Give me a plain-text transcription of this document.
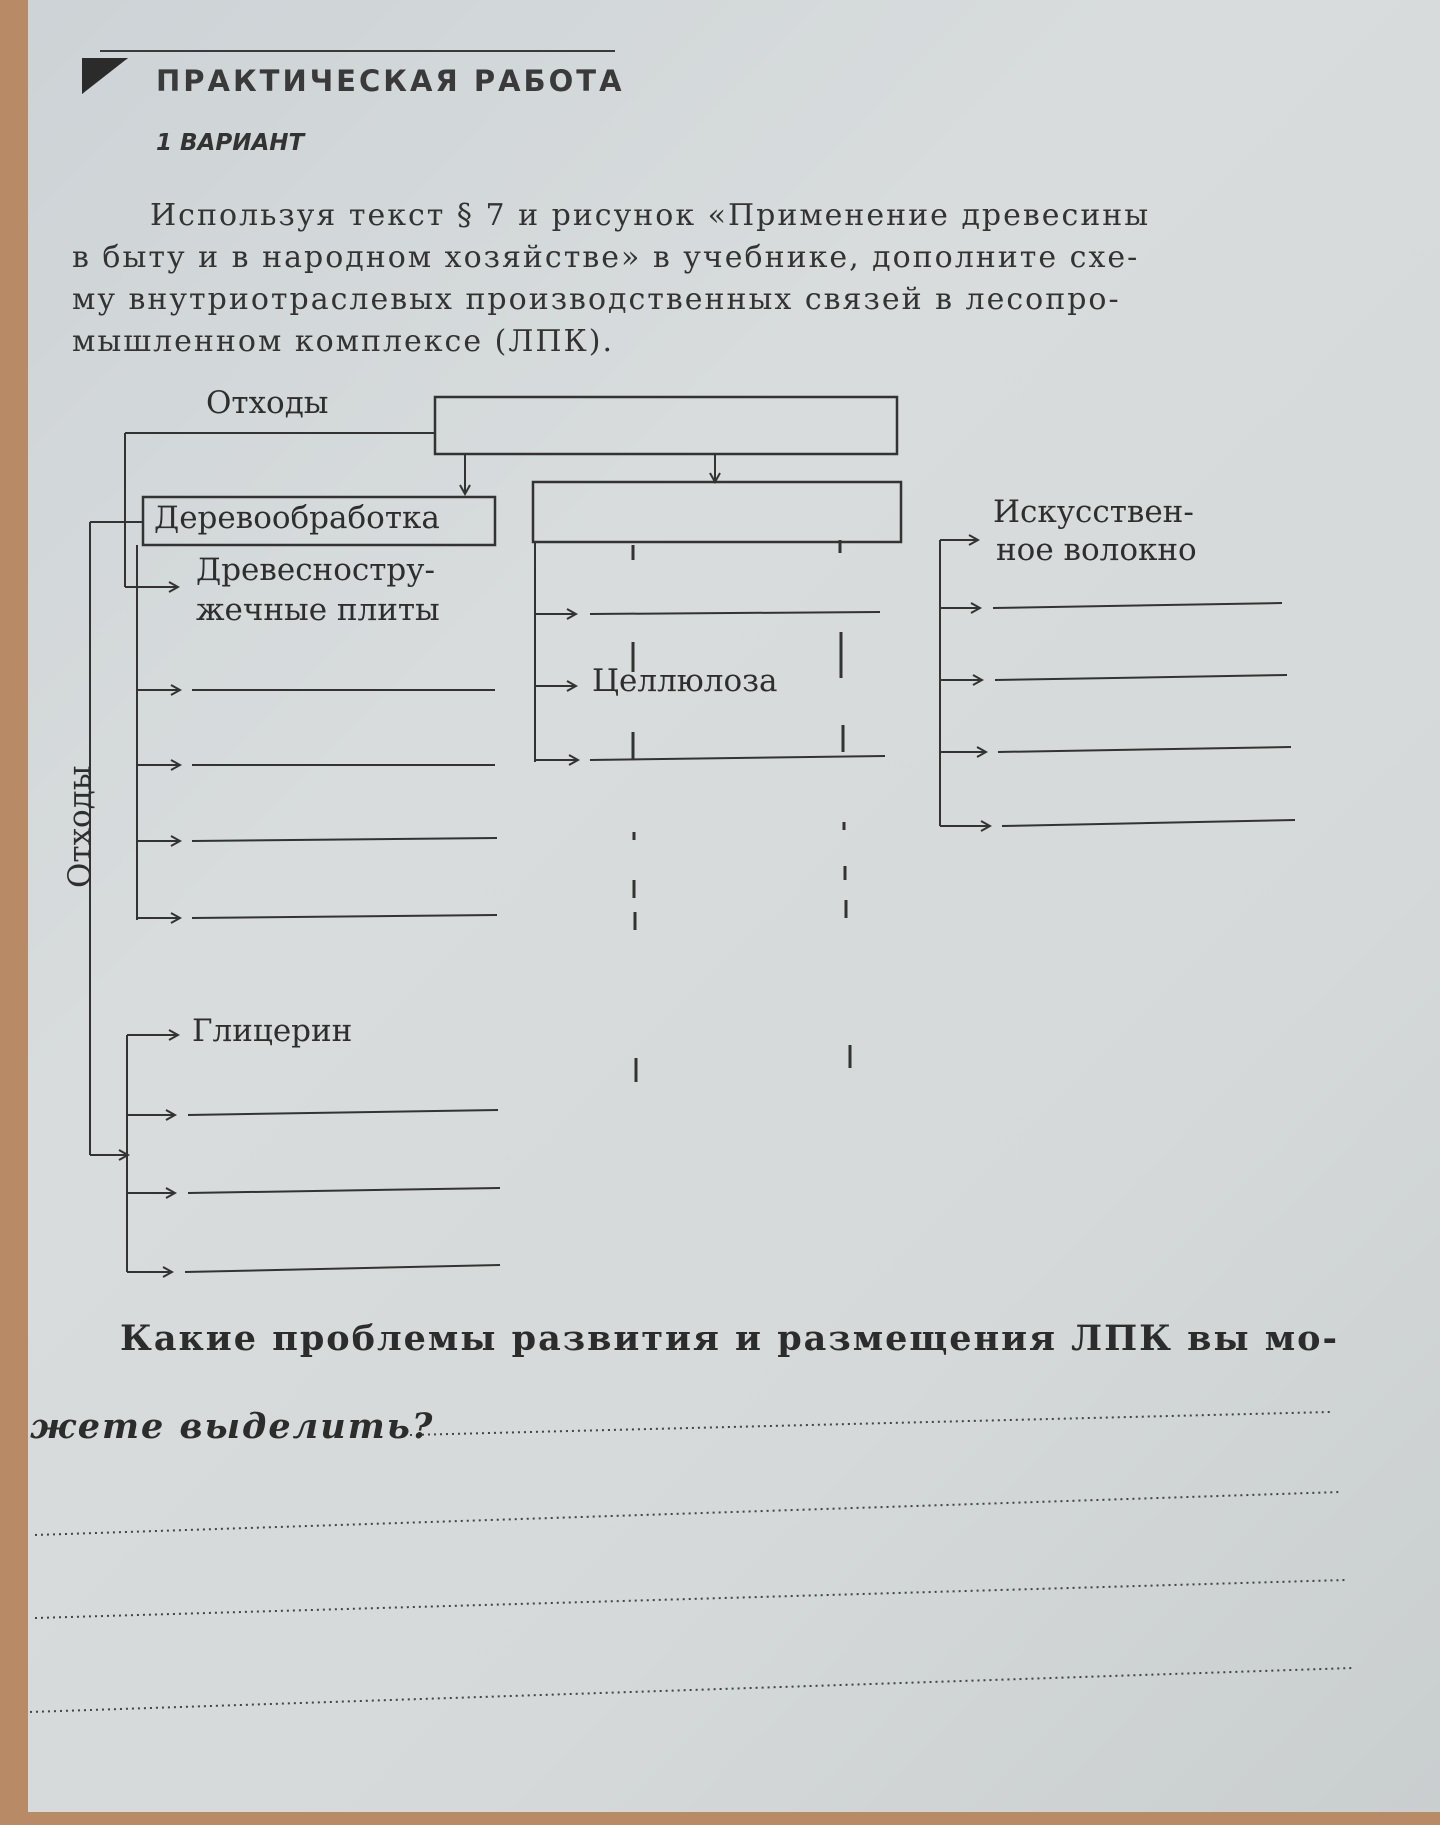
ПРАКТИЧЕСКАЯ РАБОТА
1 ВАРИАНТ
Используя текст § 7 и рисунок «Применение древесины
в быту и в народном хозяйстве» в учебнике, дополните схе-
му внутриотраслевых производственных связей в лесопро-
мышленном комплексе (ЛПК).
Отходы
Деревообработка
Древесностру-
жечные плиты
Целлюлоза
Искусствен-
ное волокно
Глицерин
Отходы
Какие проблемы развития и размещения ЛПК вы мо-
жете выделить?
